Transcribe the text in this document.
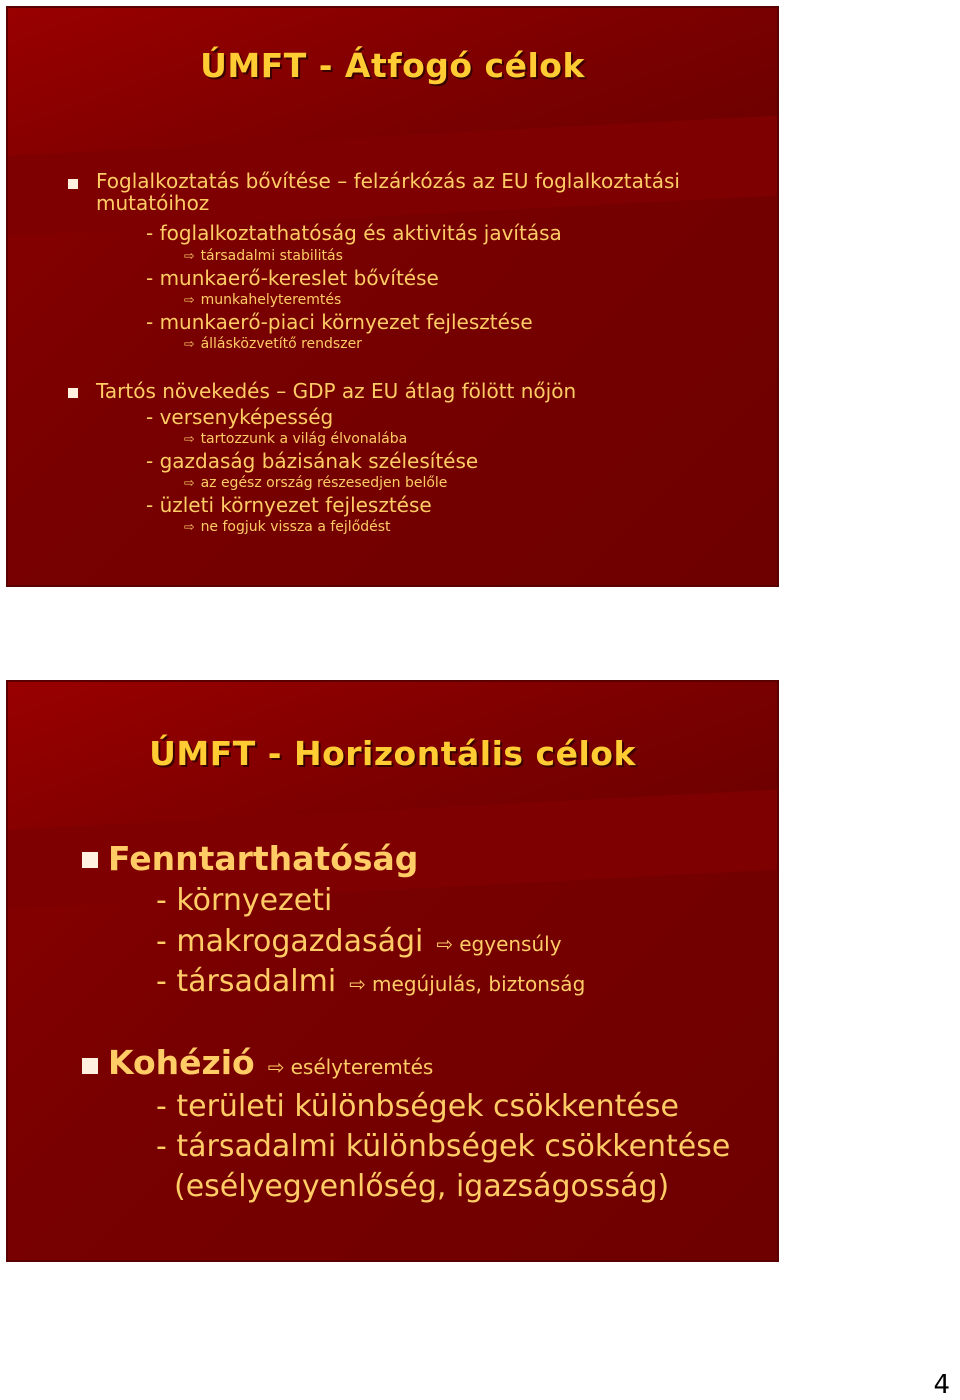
ÚMFT - Átfogó célok
Foglalkoztatás bővítése – felzárkózás az EU foglalkoztatási
mutatóihoz
- foglalkoztathatóság és aktivitás javítása
⇨ társadalmi stabilitás
- munkaerő-kereslet bővítése
⇨ munkahelyteremtés
- munkaerő-piaci környezet fejlesztése
⇨ állásközvetítő rendszer
Tartós növekedés – GDP az EU átlag fölött nőjön
- versenyképesség
⇨ tartozzunk a világ élvonalába
- gazdaság bázisának szélesítése
⇨ az egész ország részesedjen belőle
- üzleti környezet fejlesztése
⇨ ne fogjuk vissza a fejlődést
ÚMFT - Horizontális célok
Fenntarthatóság
- környezeti
- makrogazdasági ⇨ egyensúly
- társadalmi ⇨ megújulás, biztonság
Kohézió ⇨ esélyteremtés
- területi különbségek csökkentése
- társadalmi különbségek csökkentése
(esélyegyenlőség, igazságosság)
4
